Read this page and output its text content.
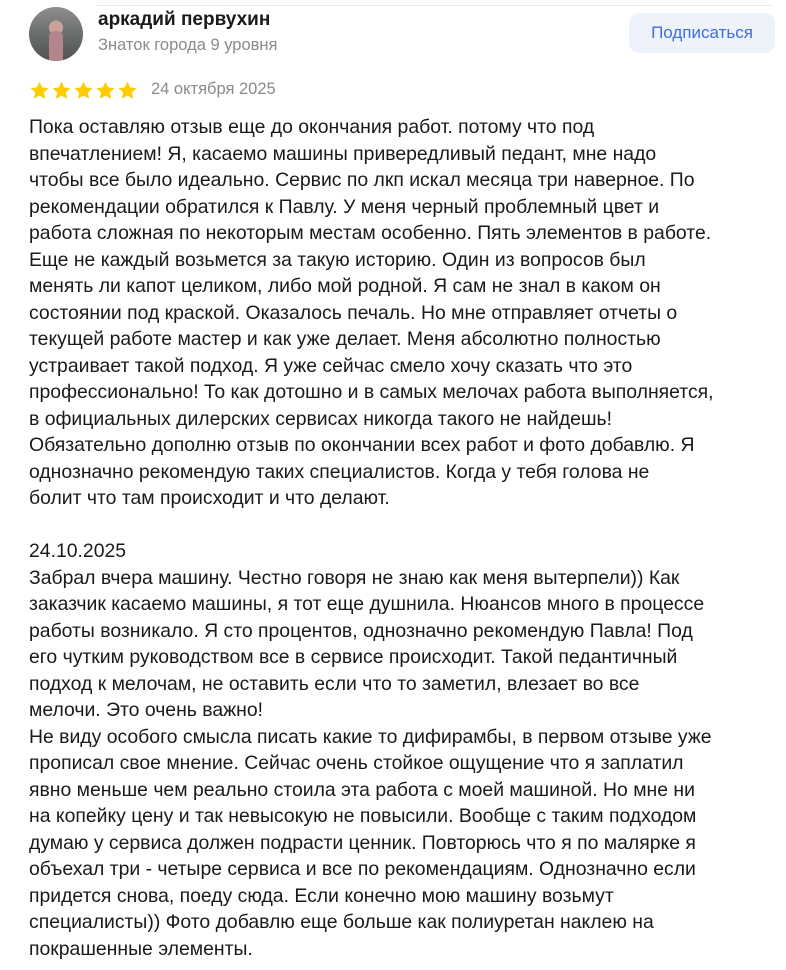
аркадий первухин
Знаток города 9 уровня
Подписаться
24 октября 2025

Пока оставляю отзыв еще до окончания работ. потому что под
впечатлением! Я, касаемо машины привередливый педант, мне надо
чтобы все было идеально. Сервис по лкп искал месяца три наверное. По
рекомендации обратился к Павлу. У меня черный проблемный цвет и
работа сложная по некоторым местам особенно. Пять элементов в работе.
Еще не каждый возьмется за такую историю. Один из вопросов был
менять ли капот целиком, либо мой родной. Я сам не знал в каком он
состоянии под краской. Оказалось печаль. Но мне отправляет отчеты о
текущей работе мастер и как уже делает. Меня абсолютно полностью
устраивает такой подход. Я уже сейчас смело хочу сказать что это
профессионально! То как дотошно и в самых мелочах работа выполняется,
в официальных дилерских сервисах никогда такого не найдешь!
Обязательно дополню отзыв по окончании всех работ и фото добавлю. Я
однозначно рекомендую таких специалистов. Когда у тебя голова не
болит что там происходит и что делают.

24.10.2025
Забрал вчера машину. Честно говоря не знаю как меня вытерпели)) Как
заказчик касаемо машины, я тот еще душнила. Нюансов много в процессе
работы возникало. Я сто процентов, однозначно рекомендую Павла! Под
его чутким руководством все в сервисе происходит. Такой педантичный
подход к мелочам, не оставить если что то заметил, влезает во все
мелочи. Это очень важно!
Не виду особого смысла писать какие то дифирамбы, в первом отзыве уже
прописал свое мнение. Сейчас очень стойкое ощущение что я заплатил
явно меньше чем реально стоила эта работа с моей машиной. Но мне ни
на копейку цену и так невысокую не повысили. Вообще с таким подходом
думаю у сервиса должен подрасти ценник. Повторюсь что я по малярке я
объехал три - четыре сервиса и все по рекомендациям. Однозначно если
придется снова, поеду сюда. Если конечно мою машину возьмут
специалисты)) Фото добавлю еще больше как полиуретан наклею на
покрашенные элементы.
